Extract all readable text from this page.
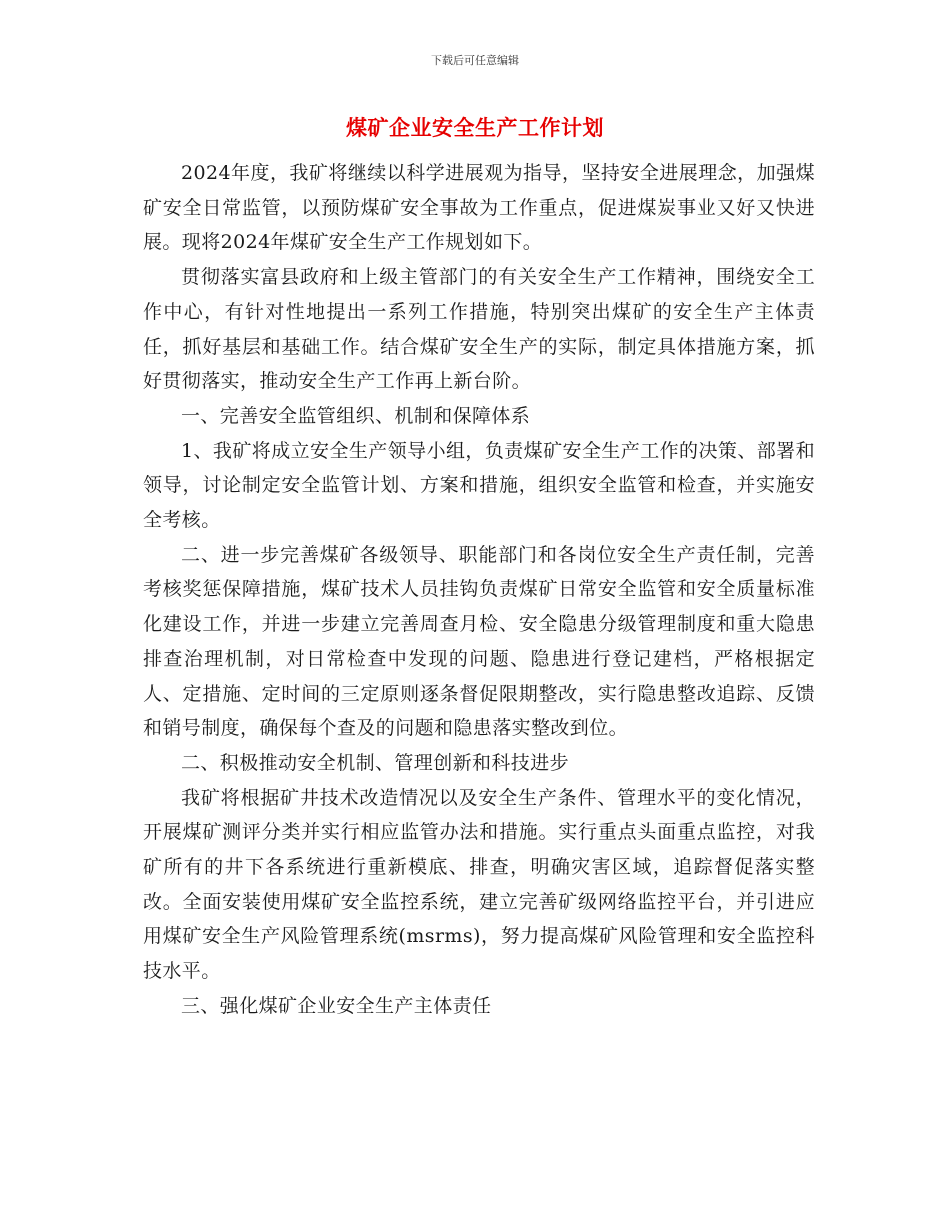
下载后可任意编辑
煤矿企业安全生产工作计划

2024年度，我矿将继续以科学进展观为指导，坚持安全进展理念，加强煤矿安全日常监管，以预防煤矿安全事故为工作重点，促进煤炭事业又好又快进展。现将2024年煤矿安全生产工作规划如下。

贯彻落实富县政府和上级主管部门的有关安全生产工作精神，围绕安全工作中心，有针对性地提出一系列工作措施，特别突出煤矿的安全生产主体责任，抓好基层和基础工作。结合煤矿安全生产的实际，制定具体措施方案，抓好贯彻落实，推动安全生产工作再上新台阶。

一、完善安全监管组织、机制和保障体系

1、我矿将成立安全生产领导小组，负责煤矿安全生产工作的决策、部署和领导，讨论制定安全监管计划、方案和措施，组织安全监管和检查，并实施安全考核。

二、进一步完善煤矿各级领导、职能部门和各岗位安全生产责任制，完善考核奖惩保障措施，煤矿技术人员挂钩负责煤矿日常安全监管和安全质量标准化建设工作，并进一步建立完善周查月检、安全隐患分级管理制度和重大隐患排查治理机制，对日常检查中发现的问题、隐患进行登记建档，严格根据定人、定措施、定时间的三定原则逐条督促限期整改，实行隐患整改追踪、反馈和销号制度，确保每个查及的问题和隐患落实整改到位。

二、积极推动安全机制、管理创新和科技进步

我矿将根据矿井技术改造情况以及安全生产条件、管理水平的变化情况，开展煤矿测评分类并实行相应监管办法和措施。实行重点头面重点监控，对我矿所有的井下各系统进行重新模底、排查，明确灾害区域，追踪督促落实整改。全面安装使用煤矿安全监控系统，建立完善矿级网络监控平台，并引进应用煤矿安全生产风险管理系统(msrms)，努力提高煤矿风险管理和安全监控科技水平。

三、强化煤矿企业安全生产主体责任
